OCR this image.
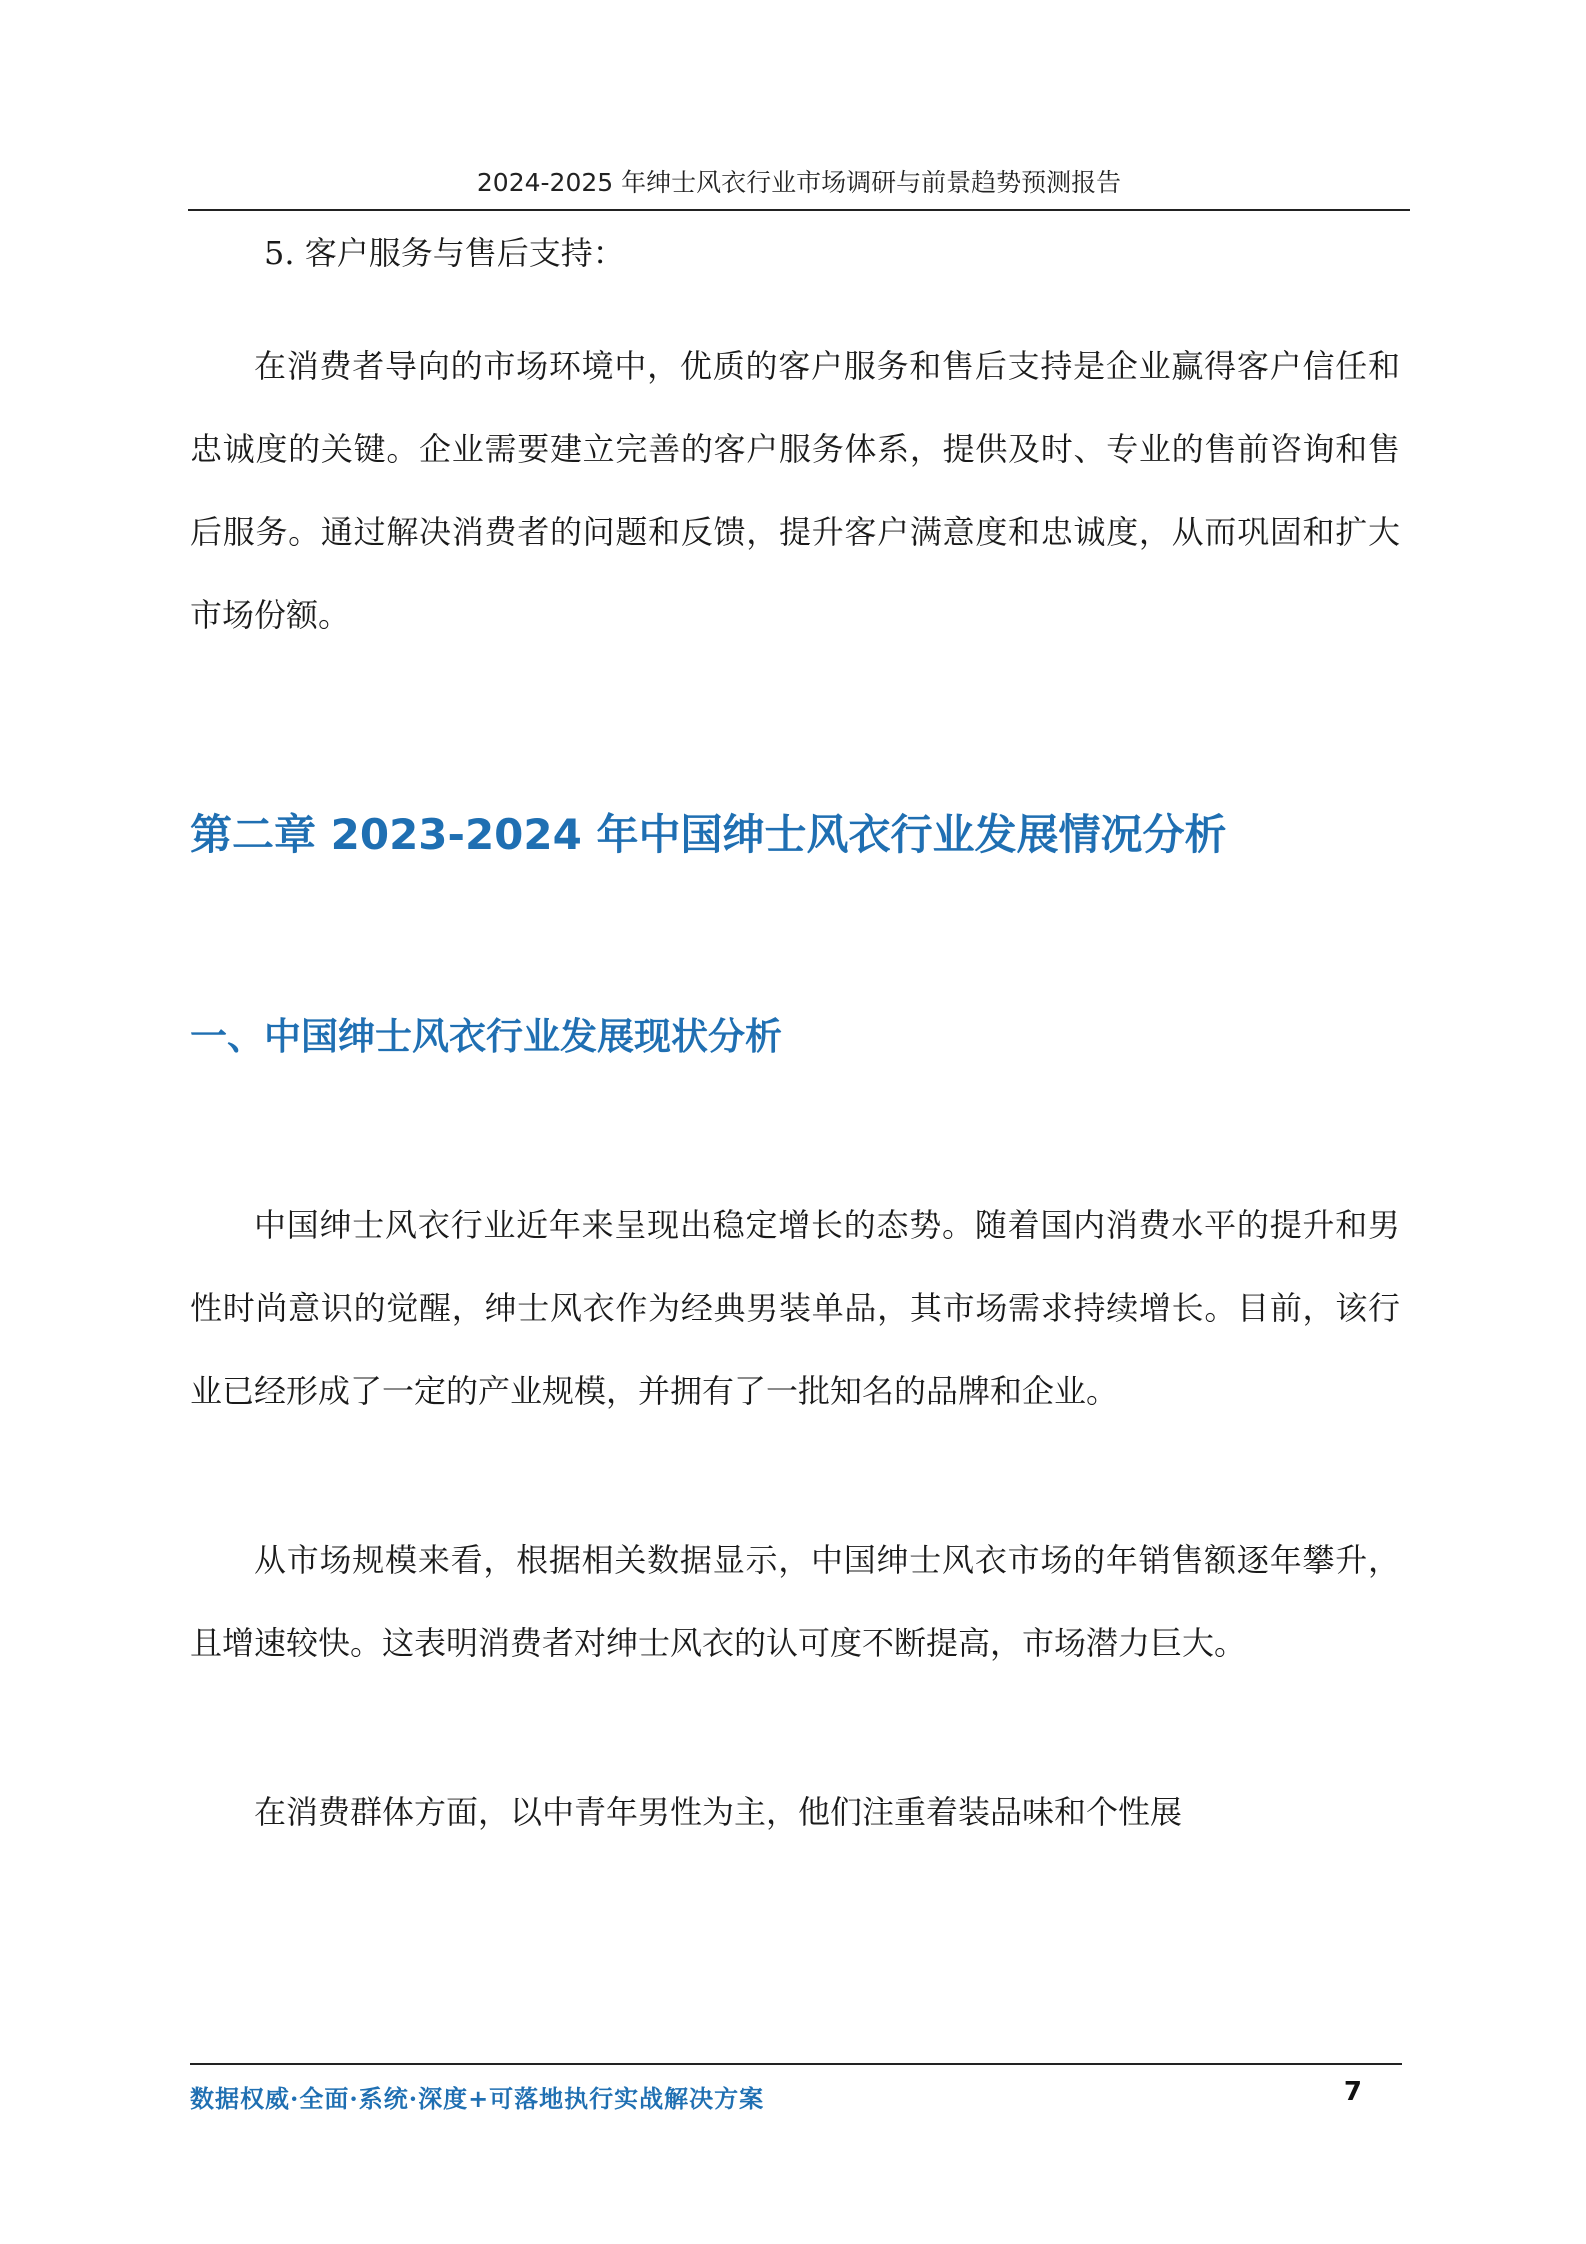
2024-2025 年绅士风衣行业市场调研与前景趋势预测报告

5. 客户服务与售后支持：

在消费者导向的市场环境中，优质的客户服务和售后支持是企业赢得客户信任和忠诚度的关键。企业需要建立完善的客户服务体系，提供及时、专业的售前咨询和售后服务。通过解决消费者的问题和反馈，提升客户满意度和忠诚度，从而巩固和扩大市场份额。

第二章 2023-2024 年中国绅士风衣行业发展情况分析
一、中国绅士风衣行业发展现状分析

中国绅士风衣行业近年来呈现出稳定增长的态势。随着国内消费水平的提升和男性时尚意识的觉醒，绅士风衣作为经典男装单品，其市场需求持续增长。目前，该行业已经形成了一定的产业规模，并拥有了一批知名的品牌和企业。

从市场规模来看，根据相关数据显示，中国绅士风衣市场的年销售额逐年攀升，且增速较快。这表明消费者对绅士风衣的认可度不断提高，市场潜力巨大。

在消费群体方面，以中青年男性为主，他们注重着装品味和个性展

数据权威·全面·系统·深度+可落地执行实战解决方案	7
